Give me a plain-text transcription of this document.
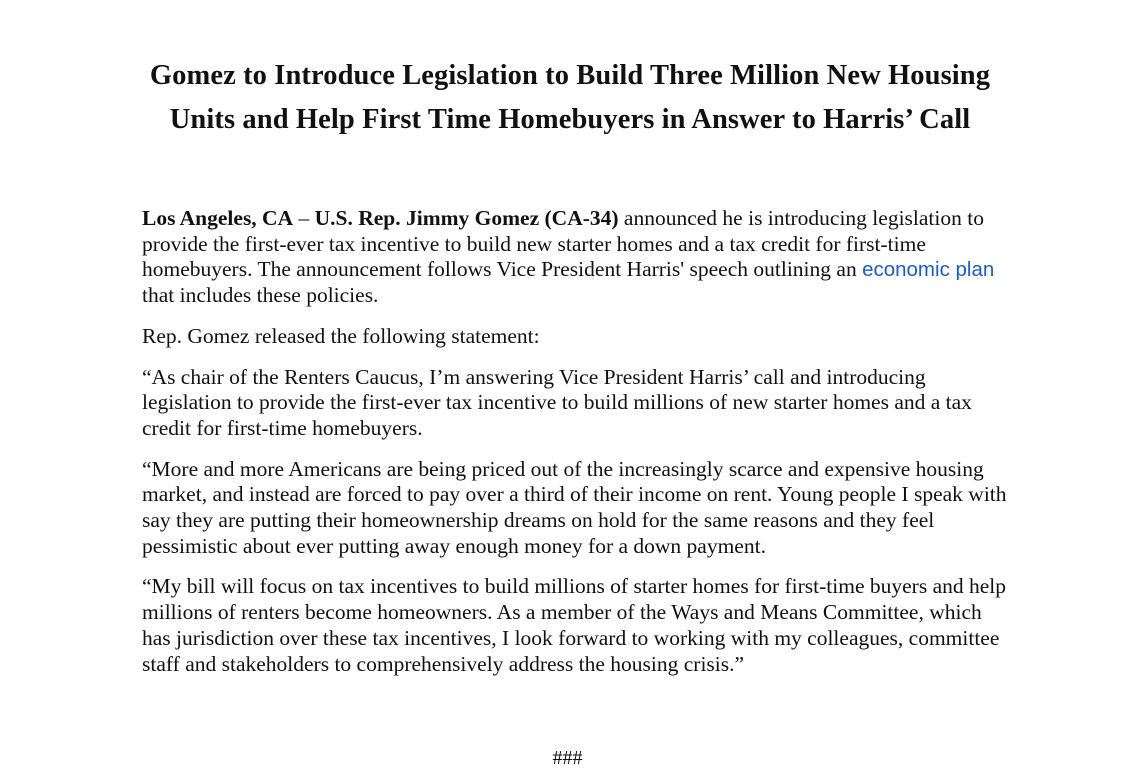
Gomez to Introduce Legislation to Build Three Million New Housing Units and Help First Time Homebuyers in Answer to Harris’ Call

Los Angeles, CA – U.S. Rep. Jimmy Gomez (CA-34) announced he is introducing legislation to provide the first-ever tax incentive to build new starter homes and a tax credit for first-time homebuyers. The announcement follows Vice President Harris' speech outlining an economic plan that includes these policies.

Rep. Gomez released the following statement:

“As chair of the Renters Caucus, I’m answering Vice President Harris’ call and introducing legislation to provide the first-ever tax incentive to build millions of new starter homes and a tax credit for first-time homebuyers.

“More and more Americans are being priced out of the increasingly scarce and expensive housing market, and instead are forced to pay over a third of their income on rent. Young people I speak with say they are putting their homeownership dreams on hold for the same reasons and they feel pessimistic about ever putting away enough money for a down payment.

“My bill will focus on tax incentives to build millions of starter homes for first-time buyers and help millions of renters become homeowners. As a member of the Ways and Means Committee, which has jurisdiction over these tax incentives, I look forward to working with my colleagues, committee staff and stakeholders to comprehensively address the housing crisis.”

###
